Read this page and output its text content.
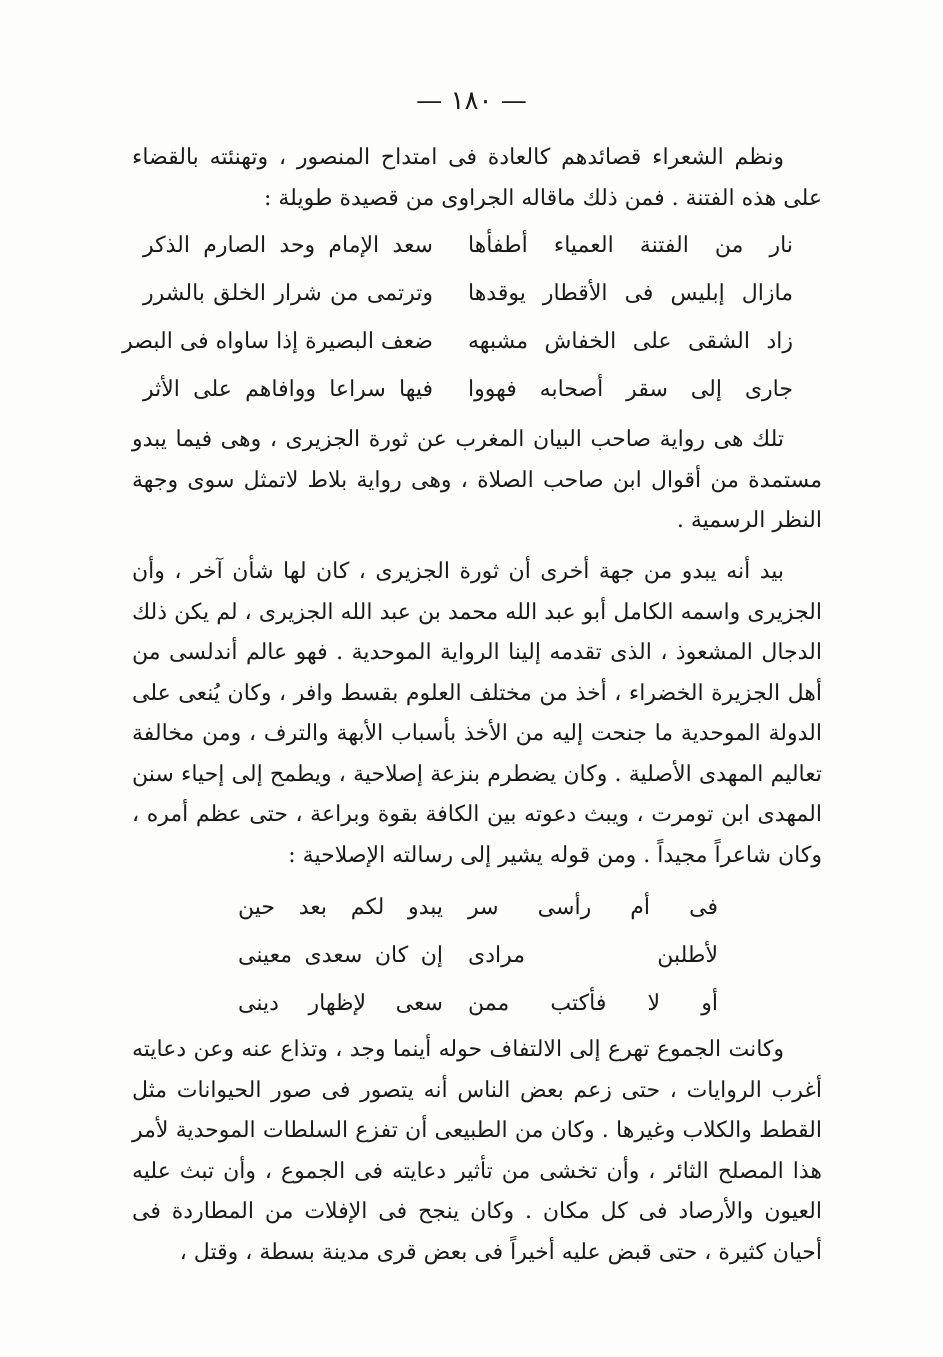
— ١٨٠ —

ونظم الشعراء قصائدهم كالعادة فى امتداح المنصور ، وتهنئته بالقضاء على هذه الفتنة . فمن ذلك ماقاله الجراوى من قصيدة طويلة :

نار من الفتنة العمياء أطفأها
سعد الإمام وحد الصارم الذكر
مازال إبليس فى الأقطار يوقدها
وترتمى من شرار الخلق بالشرر
زاد الشقى على الخفاش مشبهه
ضعف البصيرة إذا ساواه فى البصر
جارى إلى سقر أصحابه فهووا
فيها سراعا ووافاهم على الأثر

تلك هى رواية صاحب البيان المغرب عن ثورة الجزيرى ، وهى فيما يبدو مستمدة من أقوال ابن صاحب الصلاة ، وهى رواية بلاط لاتمثل سوى وجهة النظر الرسمية .

بيد أنه يبدو من جهة أخرى أن ثورة الجزيرى ، كان لها شأن آخر ، وأن الجزيرى واسمه الكامل أبو عبد الله محمد بن عبد الله الجزيرى ، لم يكن ذلك الدجال المشعوذ ، الذى تقدمه إلينا الرواية الموحدية . فهو عالم أندلسى من أهل الجزيرة الخضراء ، أخذ من مختلف العلوم بقسط وافر ، وكان يُنعى على الدولة الموحدية ما جنحت إليه من الأخذ بأسباب الأبهة والترف ، ومن مخالفة تعاليم المهدى الأصلية . وكان يضطرم بنزعة إصلاحية ، ويطمح إلى إحياء سنن المهدى ابن تومرت ، ويبث دعوته بين الكافة بقوة وبراعة ، حتى عظم أمره ، وكان شاعراً مجيداً . ومن قوله يشير إلى رسالته الإصلاحية :

فى أم رأسى سر
يبدو لكم بعد حين
لأطلبن مرادى
إن كان سعدى معينى
أو لا فأكتب ممن
سعى لإظهار دينى

وكانت الجموع تهرع إلى الالتفاف حوله أينما وجد ، وتذاع عنه وعن دعايته أغرب الروايات ، حتى زعم بعض الناس أنه يتصور فى صور الحيوانات مثل القطط والكلاب وغيرها . وكان من الطبيعى أن تفزع السلطات الموحدية لأمر هذا المصلح الثائر ، وأن تخشى من تأثير دعايته فى الجموع ، وأن تبث عليه العيون والأرصاد فى كل مكان . وكان ينجح فى الإفلات من المطاردة فى أحيان كثيرة ، حتى قبض عليه أخيراً فى بعض قرى مدينة بسطة ، وقتل ،
